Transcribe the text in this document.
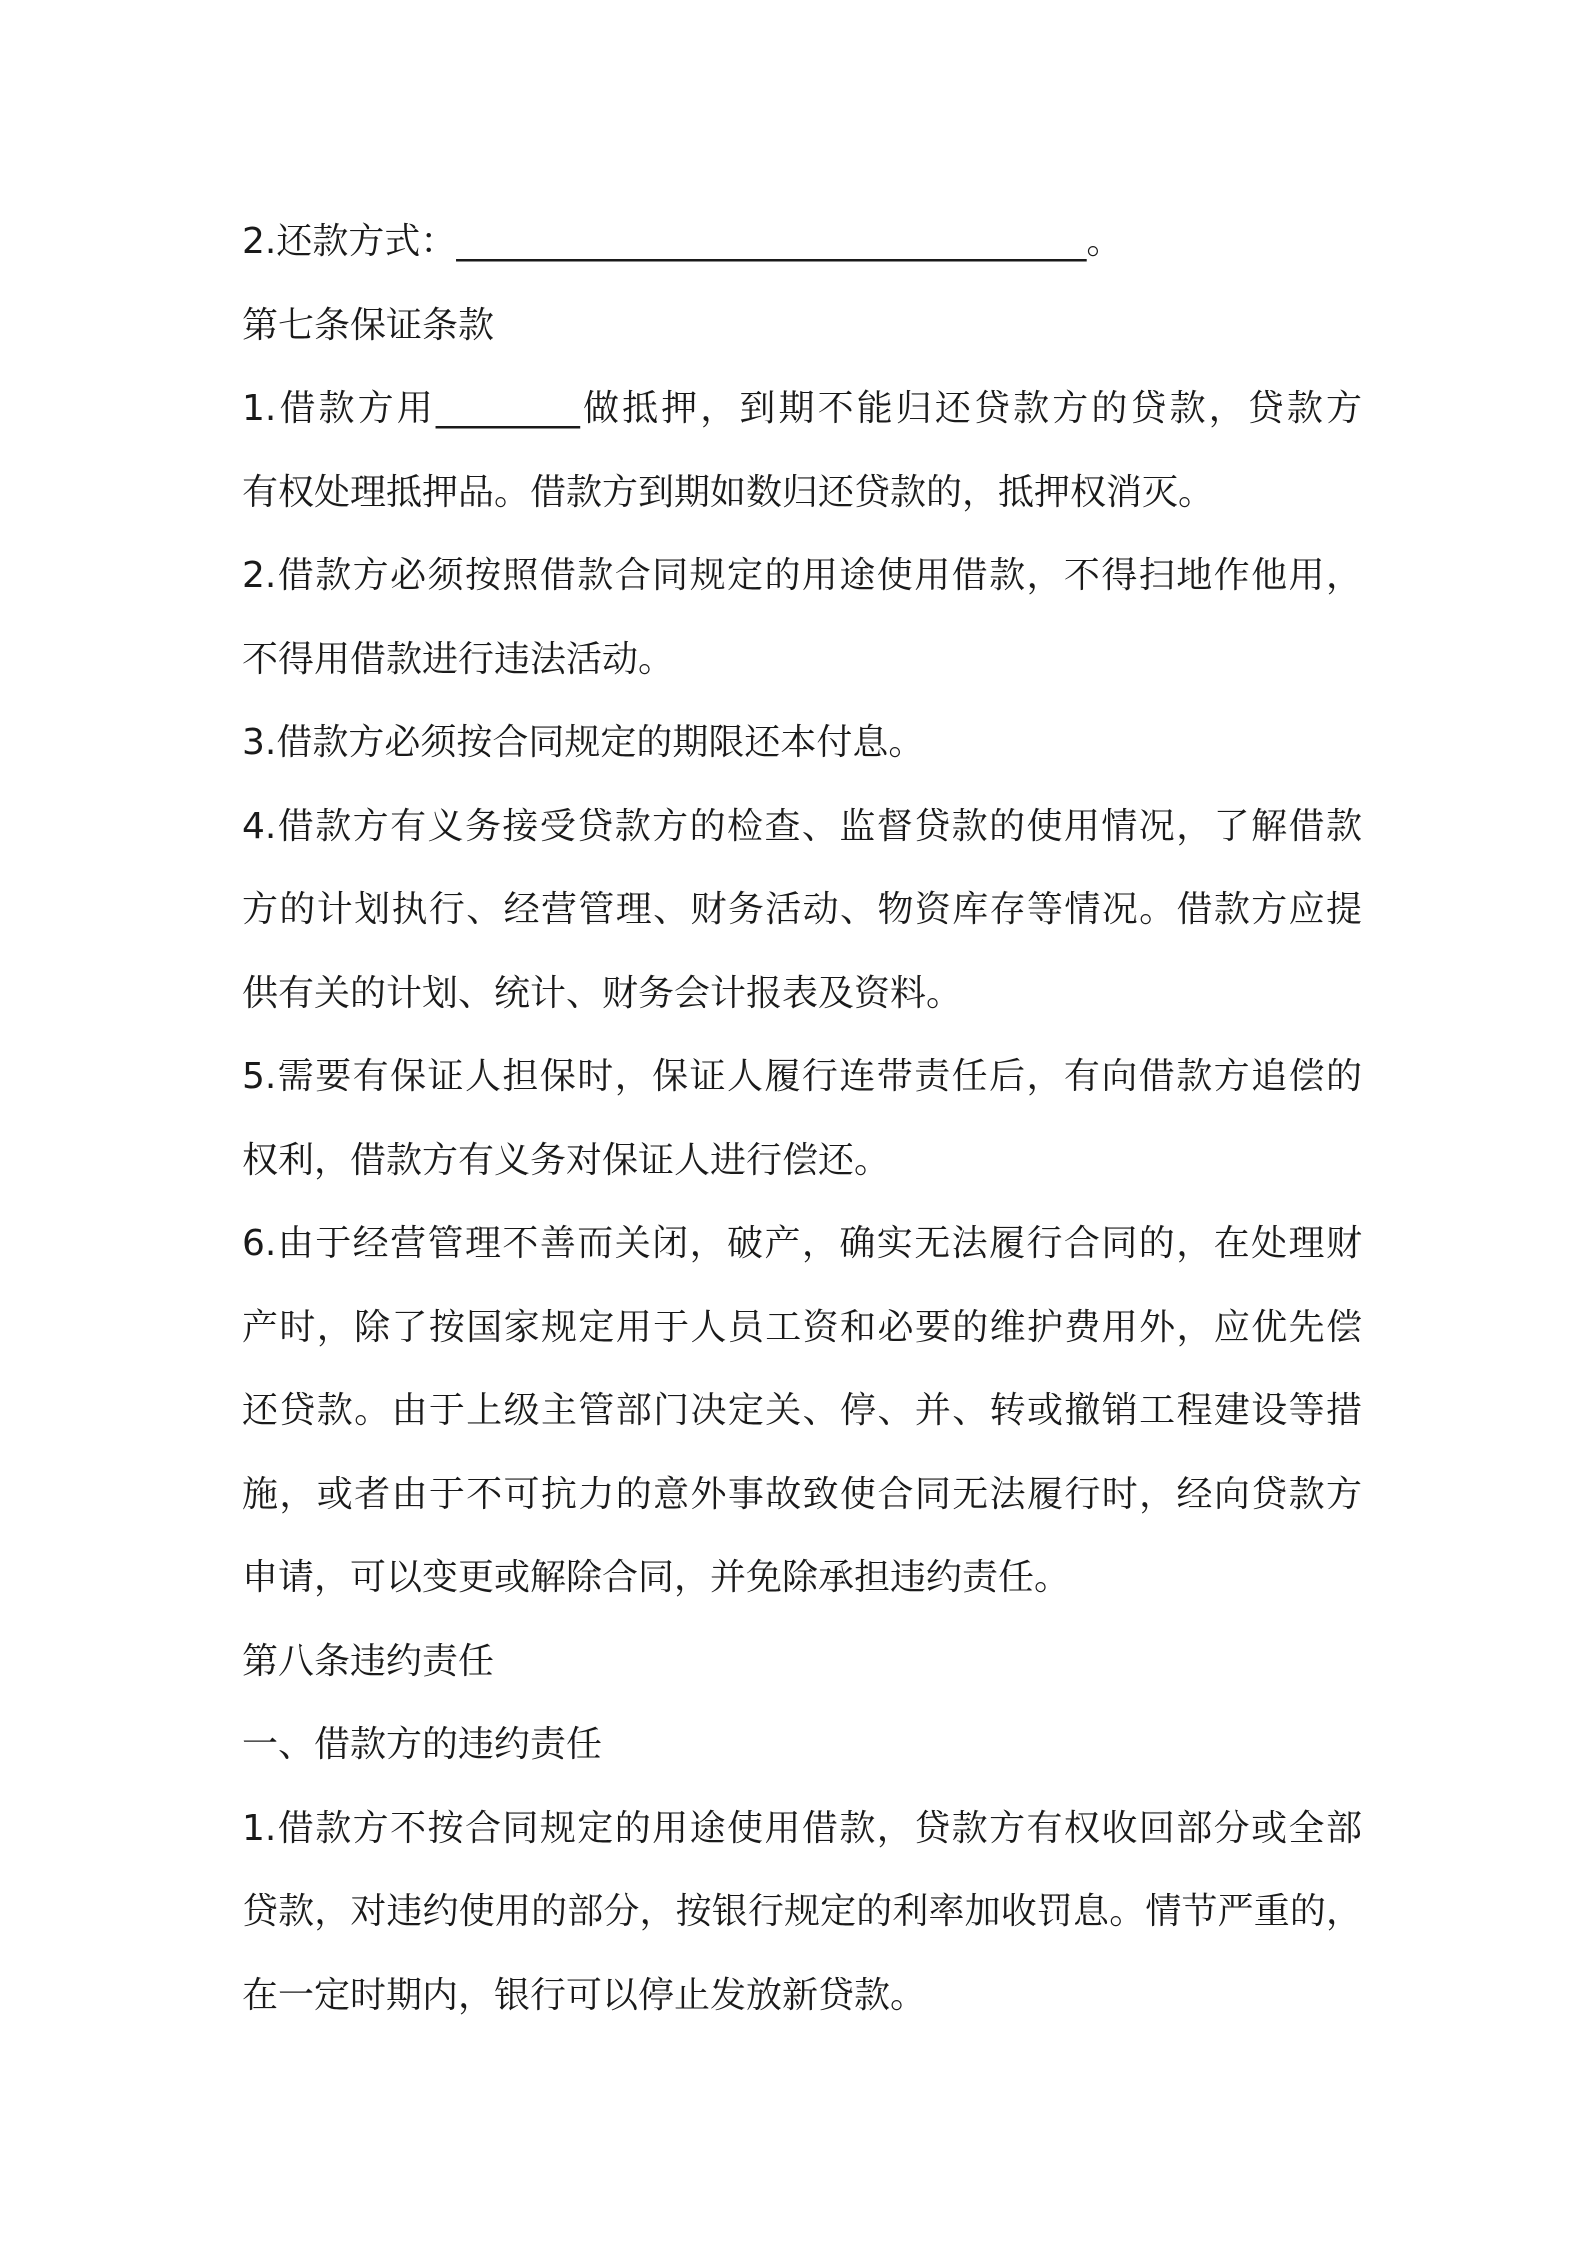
2.还款方式：___________________________________。
第七条保证条款
1.借款方用________做抵押，到期不能归还贷款方的贷款，贷款方
有权处理抵押品。借款方到期如数归还贷款的，抵押权消灭。
2.借款方必须按照借款合同规定的用途使用借款，不得扫地作他用，
不得用借款进行违法活动。
3.借款方必须按合同规定的期限还本付息。
4.借款方有义务接受贷款方的检查、监督贷款的使用情况，了解借款
方的计划执行、经营管理、财务活动、物资库存等情况。借款方应提
供有关的计划、统计、财务会计报表及资料。
5.需要有保证人担保时，保证人履行连带责任后，有向借款方追偿的
权利，借款方有义务对保证人进行偿还。
6.由于经营管理不善而关闭，破产，确实无法履行合同的，在处理财
产时，除了按国家规定用于人员工资和必要的维护费用外，应优先偿
还贷款。由于上级主管部门决定关、停、并、转或撤销工程建设等措
施，或者由于不可抗力的意外事故致使合同无法履行时，经向贷款方
申请，可以变更或解除合同，并免除承担违约责任。
第八条违约责任
一、借款方的违约责任
1.借款方不按合同规定的用途使用借款，贷款方有权收回部分或全部
贷款，对违约使用的部分，按银行规定的利率加收罚息。情节严重的，
在一定时期内，银行可以停止发放新贷款。
